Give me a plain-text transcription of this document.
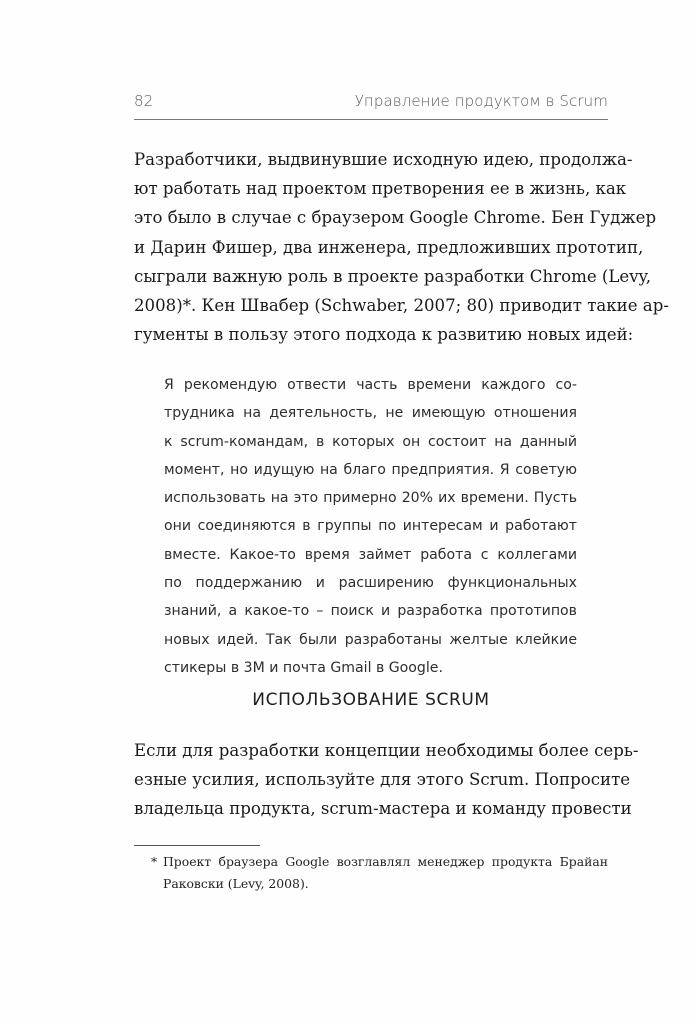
82	Управление продуктом в Scrum

Разработчики, выдвинувшие исходную идею, продолжа-
ют работать над проектом претворения ее в жизнь, как
это было в случае с браузером Google Chrome. Бен Гуджер
и Дарин Фишер, два инженера, предложивших прототип,
сыграли важную роль в проекте разработки Chrome (Levy,
2008)*. Кен Швабер (Schwaber, 2007; 80) приводит такие ар-
гументы в пользу этого подхода к развитию новых идей:

Я рекомендую отвести часть времени каждого со-
трудника на деятельность, не имеющую отношения
к scrum-командам, в которых он состоит на данный
момент, но идущую на благо предприятия. Я советую
использовать на это примерно 20% их времени. Пусть
они соединяются в группы по интересам и работают
вместе. Какое-то время займет работа с коллегами
по поддержанию и расширению функциональных
знаний, а какое-то – поиск и разработка прототипов
новых идей. Так были разработаны желтые клейкие
стикеры в 3M и почта Gmail в Google.
ИСПОЛЬЗОВАНИЕ SCRUM

Если для разработки концепции необходимы более серь-
езные усилия, используйте для этого Scrum. Попросите
владельца продукта, scrum-мастера и команду провести

* Проект браузера Google возглавлял менеджер продукта Брайан
Раковски (Levy, 2008).
